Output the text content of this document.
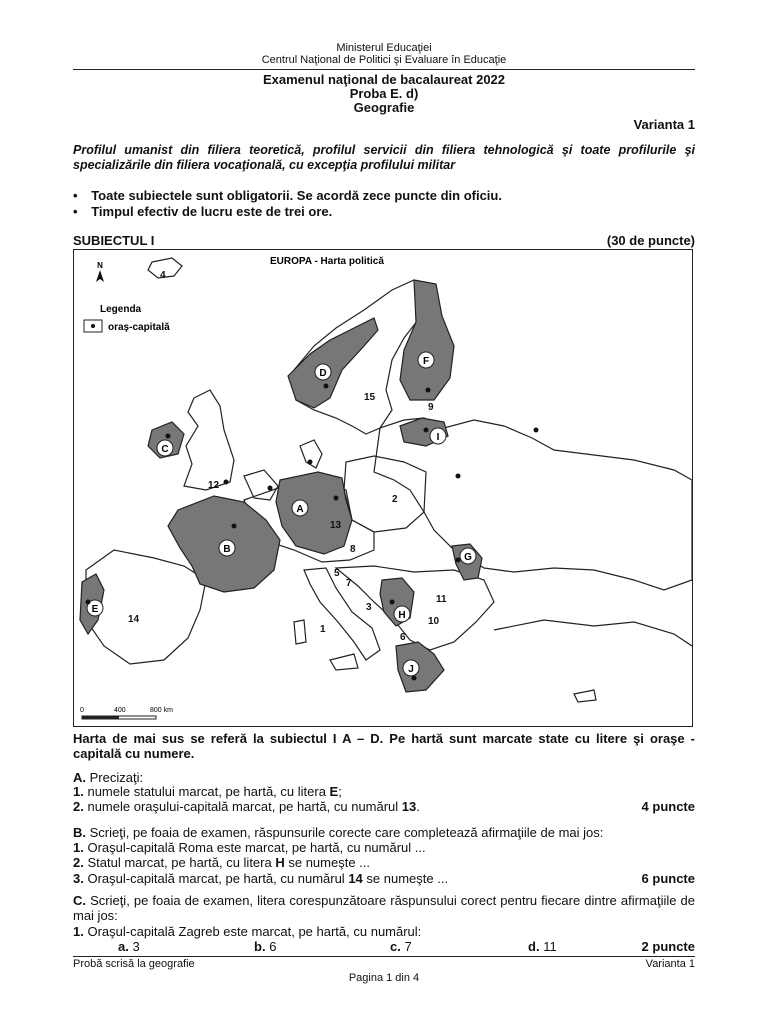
Ministerul Educaţiei
Centrul Naţional de Politici şi Evaluare în Educaţie
Examenul naţional de bacalaureat 2022
Proba E. d)
Geografie
Varianta 1
Profilul umanist din filiera teoretică, profilul servicii din filiera tehnologică şi toate profilurile şi specializările din filiera vocaţională, cu excepţia profilului militar
• Toate subiectele sunt obligatorii. Se acordă zece puncte din oficiu.
• Timpul efectiv de lucru este de trei ore.
SUBIECTUL I	(30 de puncte)
A
B
C
D
E
F
G
H
I
J
1
2
3
4
5
6
7
8
9
10
11
12
13
14
15
N	EUROPA - Harta politică
Legenda
oraş-capitală
0	400	800 km
Harta de mai sus se referă la subiectul I A – D. Pe hartă sunt marcate state cu litere şi oraşe - capitală cu numere.
A. Precizaţi:
1. numele statului marcat, pe hartă, cu litera E;
2. numele oraşului-capitală marcat, pe hartă, cu numărul 13.	4 puncte
B. Scrieţi, pe foaia de examen, răspunsurile corecte care completează afirmaţiile de mai jos:
1. Oraşul-capitală Roma este marcat, pe hartă, cu numărul ...
2. Statul marcat, pe hartă, cu litera H se numeşte ...
3. Oraşul-capitală marcat, pe hartă, cu numărul 14 se numeşte ...	6 puncte
C. Scrieţi, pe foaia de examen, litera corespunzătoare răspunsului corect pentru fiecare dintre afirmaţiile de mai jos:
1. Oraşul-capitală Zagreb este marcat, pe hartă, cu numărul:
a. 3	b. 6	c. 7	d. 11	2 puncte
Probă scrisă la geografie	Varianta 1
Pagina 1 din 4
